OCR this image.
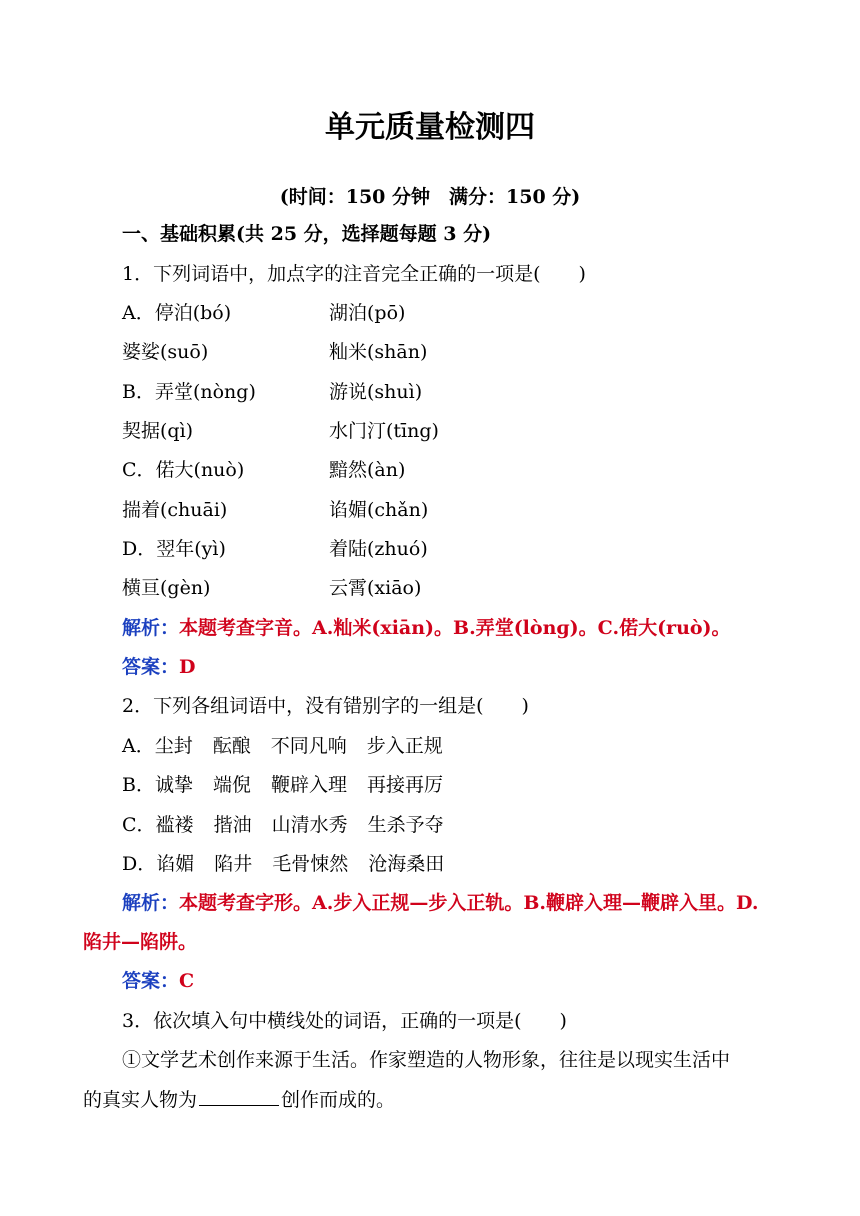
单元质量检测四
(时间：150 分钟　满分：150 分)
一、基础积累(共 25 分，选择题每题 3 分)
1．下列词语中，加点字的注音完全正确的一项是(　　)
A．停泊(bó)	湖泊(pō)
婆娑(suō)	籼米(shān)
B．弄堂(nòng)	游说(shuì)
契据(qì)	水门汀(tīng)
C．偌大(nuò)	黯然(àn)
揣着(chuāi)	谄媚(chǎn)
D．翌年(yì)	着陆(zhuó)
横亘(gèn)	云霄(xiāo)
解析：本题考查字音。A.籼米(xiān)。B.弄堂(lònɡ)。C.偌大(ruò)。
答案：D
2．下列各组词语中，没有错别字的一组是(　　)
A．尘封 酝酿 不同凡响 步入正规
B．诚挚 端倪 鞭辟入理 再接再厉
C．褴褛 揩油 山清水秀 生杀予夺
D．谄媚 陷井 毛骨悚然 沧海桑田
解析：本题考查字形。A.步入正规—步入正轨。B.鞭辟入理—鞭辟入里。D.
陷井—陷阱。
答案：C
3．依次填入句中横线处的词语，正确的一项是(　　)
①文学艺术创作来源于生活。作家塑造的人物形象，往往是以现实生活中
的真实人物为	创作而成的。
